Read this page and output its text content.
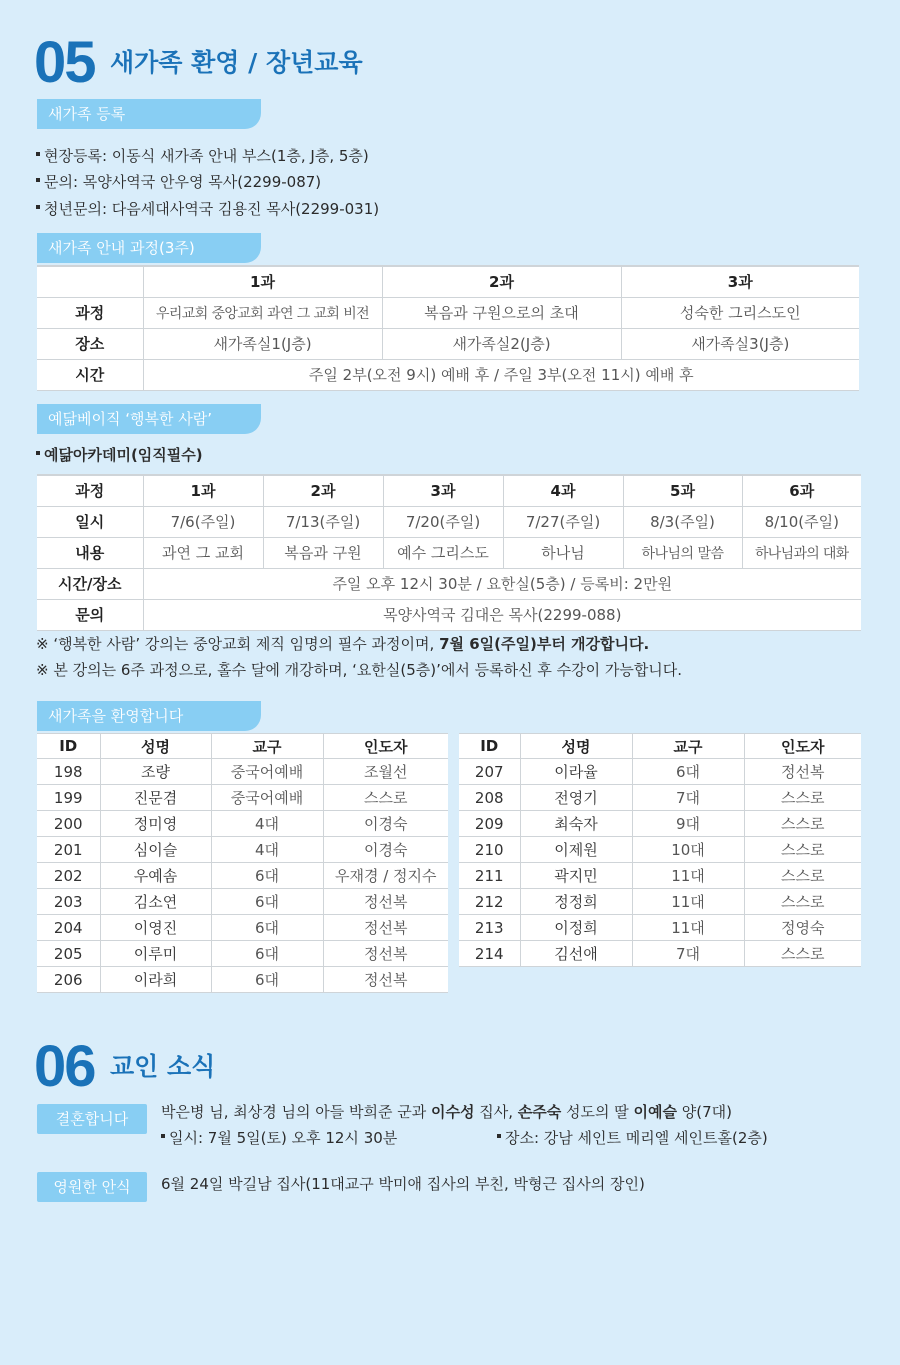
05 새가족 환영 / 장년교육
새가족 등록
현장등록: 이동식 새가족 안내 부스(1층, J층, 5층)
문의: 목양사역국 안우영 목사(2299-087)
청년문의: 다음세대사역국 김용진 목사(2299-031)
새가족 안내 과정(3주)
	1과	2과	3과
과정	우리교회 중앙교회 과연 그 교회 비전	복음과 구원으로의 초대	성숙한 그리스도인
장소	새가족실1(J층)	새가족실2(J층)	새가족실3(J층)
시간	주일 2부(오전 9시) 예배 후 / 주일 3부(오전 11시) 예배 후		
예닮베이직 ‘행복한 사람’
예닮아카데미(임직필수)
과정	1과	2과	3과	4과	5과	6과
일시	7/6(주일)	7/13(주일)	7/20(주일)	7/27(주일)	8/3(주일)	8/10(주일)
내용	과연 그 교회	복음과 구원	예수 그리스도	하나님	하나님의 말씀	하나님과의 대화
시간/장소	주일 오후 12시 30분 / 요한실(5층) / 등록비: 2만원					
문의	목양사역국 김대은 목사(2299-088)					
※ ‘행복한 사람’ 강의는 중앙교회 제직 임명의 필수 과정이며, 7월 6일(주일)부터 개강합니다.
※ 본 강의는 6주 과정으로, 홀수 달에 개강하며, ‘요한실(5층)’에서 등록하신 후 수강이 가능합니다.
새가족을 환영합니다
ID	성명	교구	인도자
198	조량	중국어예배	조월선
199	진문겸	중국어예배	스스로
200	정미영	4대	이경숙
201	심이슬	4대	이경숙
202	우예솜	6대	우재경 / 정지수
203	김소연	6대	정선복
204	이영진	6대	정선복
205	이루미	6대	정선복
206	이라희	6대	정선복
ID	성명	교구	인도자
207	이라율	6대	정선복
208	전영기	7대	스스로
209	최숙자	9대	스스로
210	이제원	10대	스스로
211	곽지민	11대	스스로
212	정정희	11대	스스로
213	이정희	11대	정영숙
214	김선애	7대	스스로
06 교인 소식
결혼합니다	박은병 님, 최상경 님의 아들 박희준 군과 이수성 집사, 손주숙 성도의 딸 이예슬 양(7대)
일시: 7월 5일(토) 오후 12시 30분	장소: 강남 세인트 메리엘 세인트홀(2층)
영원한 안식	6월 24일 박길남 집사(11대교구 박미애 집사의 부친, 박형근 집사의 장인)
